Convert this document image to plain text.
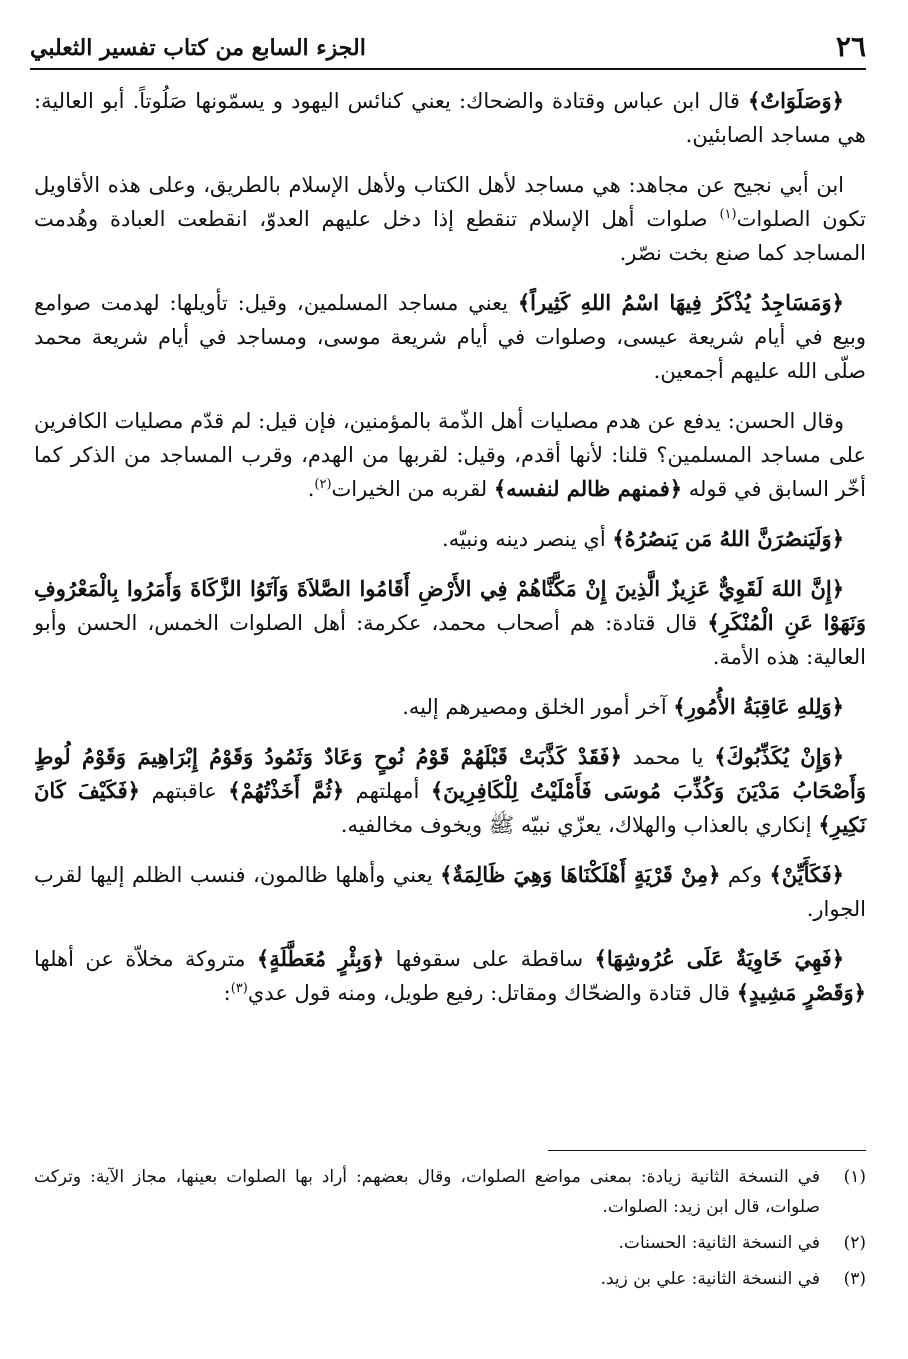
٢٦
الجزء السابع من كتاب تفسير الثعلبي

﴿وَصَلَوَاتٌ﴾ قال ابن عباس وقتادة والضحاك: يعني كنائس اليهود و يسمّونها صَلُوتاً. أبو العالية: هي مساجد الصابئين.

ابن أبي نجيح عن مجاهد: هي مساجد لأهل الكتاب ولأهل الإسلام بالطريق، وعلى هذه الأقاويل تكون الصلوات$^{(١)}$ صلوات أهل الإسلام تنقطع إذا دخل عليهم العدوّ، انقطعت العبادة وهُدمت المساجد كما صنع بخت نصّر.

﴿وَمَسَاجِدُ يُذْكَرُ فِيهَا اسْمُ اللهِ كَثِيراً﴾ يعني مساجد المسلمين، وقيل: تأويلها: لهدمت صوامع وبيع في أيام شريعة عيسى، وصلوات في أيام شريعة موسى، ومساجد في أيام شريعة محمد صلّى الله عليهم أجمعين.

وقال الحسن: يدفع عن هدم مصليات أهل الذّمة بالمؤمنين، فإن قيل: لم قدّم مصليات الكافرين على مساجد المسلمين؟ قلنا: لأنها أقدم، وقيل: لقربها من الهدم، وقرب المساجد من الذكر كما أخّر السابق في قوله ﴿فمنهم ظالم لنفسه﴾ لقربه من الخيرات$^{(٢)}$.

﴿وَلَيَنصُرَنَّ اللهُ مَن يَنصُرُهُ﴾ أي ينصر دينه ونبيّه.

﴿إِنَّ اللهَ لَقَوِيٌّ عَزِيزٌ الَّذِينَ إِنْ مَكَّنَّاهُمْ فِي الأَرْضِ أَقَامُوا الصَّلاَةَ وَآتَوُا الزَّكَاةَ وَأَمَرُوا بِالْمَعْرُوفِ وَنَهَوْا عَنِ الْمُنْكَرِ﴾ قال قتادة: هم أصحاب محمد، عكرمة: أهل الصلوات الخمس، الحسن وأبو العالية: هذه الأمة.

﴿وَلِلهِ عَاقِبَةُ الأُمُورِ﴾ آخر أمور الخلق ومصيرهم إليه.

﴿وَإِنْ يُكَذِّبُوكَ﴾ يا محمد ﴿فَقَدْ كَذَّبَتْ قَبْلَهُمْ قَوْمُ نُوحٍ وَعَادٌ وَثَمُودُ وَقَوْمُ إِبْرَاهِيمَ وَقَوْمُ لُوطٍ وَأَصْحَابُ مَدْيَنَ وَكُذِّبَ مُوسَى فَأَمْلَيْتُ لِلْكَافِرِينَ﴾ أمهلتهم ﴿ثُمَّ أَخَذْتُهُمْ﴾ عاقبتهم ﴿فَكَيْفَ كَانَ نَكِيرِ﴾ إنكاري بالعذاب والهلاك، يعزّي نبيّه ﷺ ويخوف مخالفيه.

﴿فَكَأَيِّنْ﴾ وكم ﴿مِنْ قَرْيَةٍ أَهْلَكْنَاهَا وَهِيَ ظَالِمَةٌ﴾ يعني وأهلها ظالمون، فنسب الظلم إليها لقرب الجوار.

﴿فَهِيَ خَاوِيَةٌ عَلَى عُرُوشِهَا﴾ ساقطة على سقوفها ﴿وَبِئْرٍ مُعَطَّلَةٍ﴾ متروكة مخلاّة عن أهلها ﴿وَقَصْرٍ مَشِيدٍ﴾ قال قتادة والضحّاك ومقاتل: رفيع طويل، ومنه قول عدي$^{(٣)}$:

(١)
في النسخة الثانية زيادة: بمعنى مواضع الصلوات، وقال بعضهم: أراد بها الصلوات بعينها، مجاز الآية: وتركت صلوات، قال ابن زيد: الصلوات.
(٢)
في النسخة الثانية: الحسنات.
(٣)
في النسخة الثانية: علي بن زيد.
